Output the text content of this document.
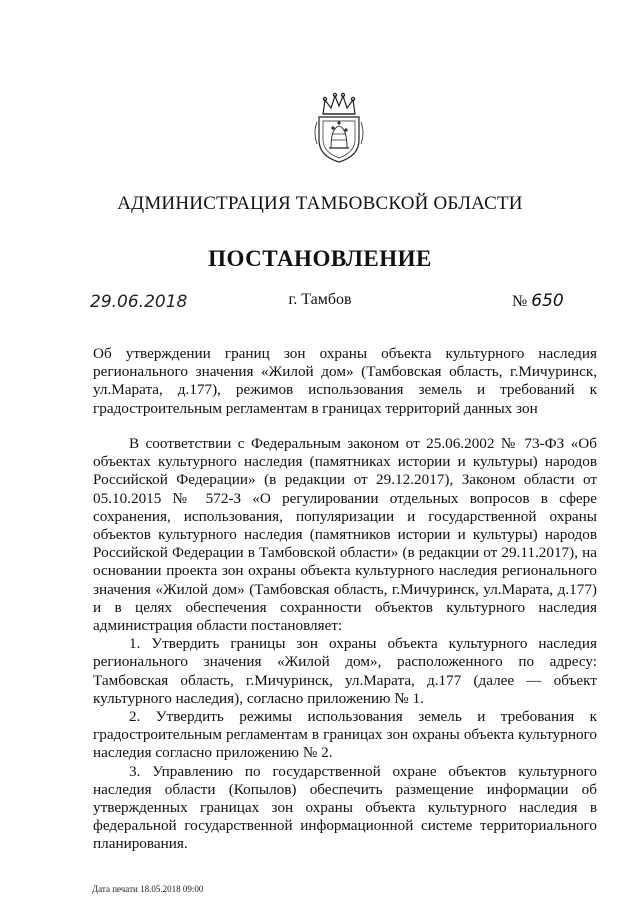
АДМИНИСТРАЦИЯ ТАМБОВСКОЙ ОБЛАСТИ
ПОСТАНОВЛЕНИЕ
29.06.2018	г. Тамбов	№ 650
Об утверждении границ зон охраны объекта культурного наследия регионального значения «Жилой дом» (Тамбовская область, г.Мичуринск, ул.Марата, д.177), режимов использования земель и требований к градостроительным регламентам в границах территорий данных зон

В соответствии с Федеральным законом от 25.06.2002 № 73-ФЗ «Об объектах культурного наследия (памятниках истории и культуры) народов Российской Федерации» (в редакции от 29.12.2017), Законом области от 05.10.2015 № 572-З «О регулировании отдельных вопросов в сфере сохранения, использования, популяризации и государственной охраны объектов культурного наследия (памятников истории и культуры) народов Российской Федерации в Тамбовской области» (в редакции от 29.11.2017), на основании проекта зон охраны объекта культурного наследия регионального значения «Жилой дом» (Тамбовская область, г.Мичуринск, ул.Марата, д.177) и в целях обеспечения сохранности объектов культурного наследия администрация области постановляет:

1. Утвердить границы зон охраны объекта культурного наследия регионального значения «Жилой дом», расположенного по адресу: Тамбовская область, г.Мичуринск, ул.Марата, д.177 (далее — объект культурного наследия), согласно приложению № 1.

2. Утвердить режимы использования земель и требования к градостроительным регламентам в границах зон охраны объекта культурного наследия согласно приложению № 2.

3. Управлению по государственной охране объектов культурного наследия области (Копылов) обеспечить размещение информации об утвержденных границах зон охраны объекта культурного наследия в федеральной государственной информационной системе территориального планирования.

Дата печати 18.05.2018 09:00
